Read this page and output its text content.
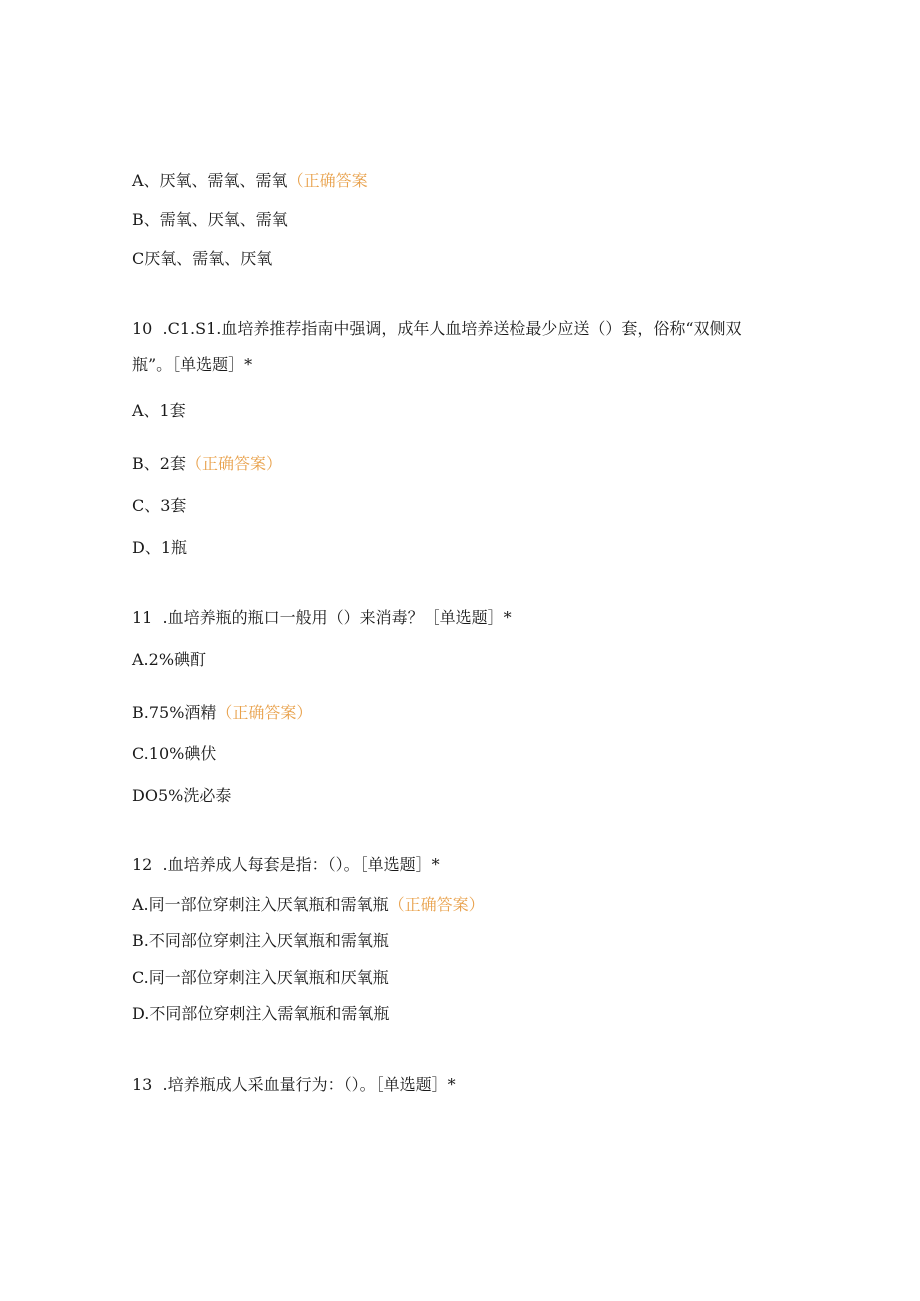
A、厌氧、需氧、需氧（正确答案
B、需氧、厌氧、需氧
C厌氧、需氧、厌氧
10  .C1.S1.血培养推荐指南中强调，成年人血培养送检最少应送（）套，俗称“双侧双
瓶”。［单选题］*
A、1套
B、2套（正确答案）
C、3套
D、1瓶
11  .血培养瓶的瓶口一般用（）来消毒？［单选题］*
A.2%碘酊
B.75%酒精（正确答案）
C.10%碘伏
DO5%洗必泰
12  .血培养成人每套是指：（）。［单选题］*
A.同一部位穿刺注入厌氧瓶和需氧瓶（正确答案）
B.不同部位穿刺注入厌氧瓶和需氧瓶
C.同一部位穿刺注入厌氧瓶和厌氧瓶
D.不同部位穿刺注入需氧瓶和需氧瓶
13  .培养瓶成人采血量行为：（）。［单选题］*
